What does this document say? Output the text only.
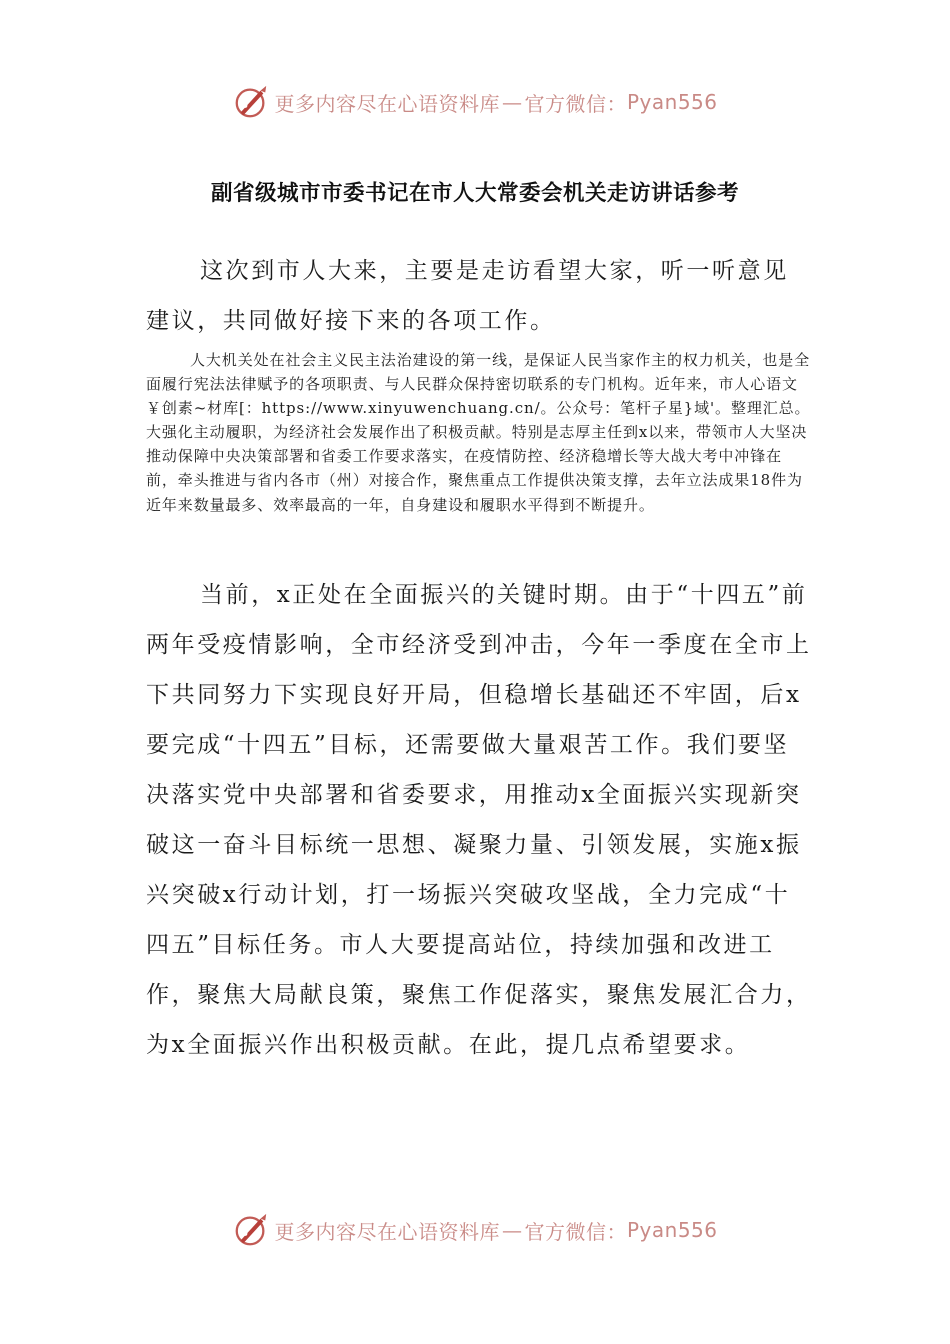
更多内容尽在心语资料库 — 官方微信： Pyan556
副省级城市市委书记在市人大常委会机关走访讲话参考

这次到市人大来，主要是走访看望大家，听一听意见建议，共同做好接下来的各项工作。

人大机关处在社会主义民主法治建设的第一线，是保证人民当家作主的权力机关，也是全面履行宪法法律赋予的各项职责、与人民群众保持密切联系的专门机构。近年来，市人心语文￥创素~材库[：https://www.xinyuwenchuang.cn/。公众号：笔杆子星}域'。整理汇总。大强化主动履职，为经济社会发展作出了积极贡献。特别是志厚主任到x以来，带领市人大坚决推动保障中央决策部署和省委工作要求落实，在疫情防控、经济稳增长等大战大考中冲锋在前，牵头推进与省内各市（州）对接合作，聚焦重点工作提供决策支撑，去年立法成果18件为近年来数量最多、效率最高的一年，自身建设和履职水平得到不断提升。

当前，x正处在全面振兴的关键时期。由于“十四五”前两年受疫情影响，全市经济受到冲击，今年一季度在全市上下共同努力下实现良好开局，但稳增长基础还不牢固，后x要完成“十四五”目标，还需要做大量艰苦工作。我们要坚决落实党中央部署和省委要求，用推动x全面振兴实现新突破这一奋斗目标统一思想、凝聚力量、引领发展，实施x振兴突破x行动计划，打一场振兴突破攻坚战，全力完成“十四五”目标任务。市人大要提高站位，持续加强和改进工作，聚焦大局献良策，聚焦工作促落实，聚焦发展汇合力，为x全面振兴作出积极贡献。在此，提几点希望要求。

更多内容尽在心语资料库 — 官方微信： Pyan556
